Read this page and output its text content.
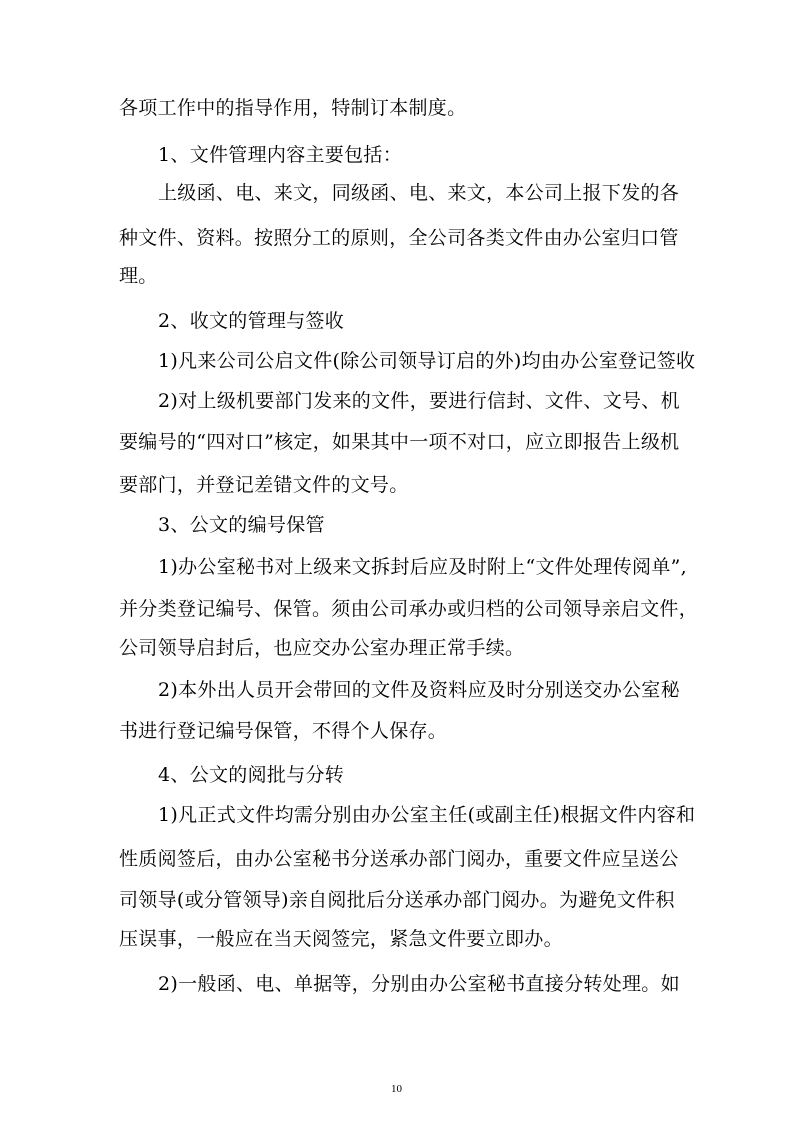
各项工作中的指导作用，特制订本制度。
1、文件管理内容主要包括：
上级函、电、来文，同级函、电、来文，本公司上报下发的各
种文件、资料。按照分工的原则，全公司各类文件由办公室归口管
理。
2、收文的管理与签收
1)凡来公司公启文件(除公司领导订启的外)均由办公室登记签收
2)对上级机要部门发来的文件，要进行信封、文件、文号、机
要编号的“四对口”核定，如果其中一项不对口，应立即报告上级机
要部门，并登记差错文件的文号。
3、公文的编号保管
1)办公室秘书对上级来文拆封后应及时附上“文件处理传阅单”,
并分类登记编号、保管。须由公司承办或归档的公司领导亲启文件，
公司领导启封后，也应交办公室办理正常手续。
2)本外出人员开会带回的文件及资料应及时分别送交办公室秘
书进行登记编号保管，不得个人保存。
4、公文的阅批与分转
1)凡正式文件均需分别由办公室主任(或副主任)根据文件内容和
性质阅签后，由办公室秘书分送承办部门阅办，重要文件应呈送公
司领导(或分管领导)亲自阅批后分送承办部门阅办。为避免文件积
压误事，一般应在当天阅签完，紧急文件要立即办。
2)一般函、电、单据等，分别由办公室秘书直接分转处理。如
10
